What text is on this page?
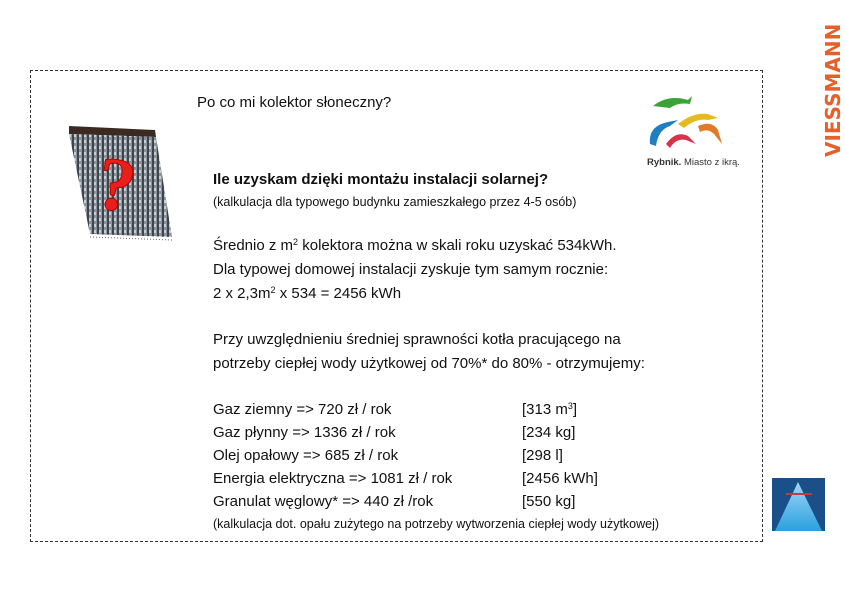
?
Po co mi kolektor słoneczny?
Ile uzyskam dzięki montażu instalacji solarnej?
(kalkulacja dla typowego budynku zamieszkałego przez 4-5 osób)
Średnio z $m^2$ kolektora można w skali roku uzyskać 534kWh.
Dla typowej domowej instalacji zyskuje tym samym rocznie:
2 x $2,3m^2$ x 534 = 2456 kWh
Przy uwzględnieniu średniej sprawności kotła pracującego na
potrzeby ciepłej wody użytkowej od 70%* do 80% - otrzymujemy:
Gaz ziemny => 720 zł / rok	[313 $m^3$]
Gaz płynny => 1336 zł / rok	[234 kg]
Olej opałowy => 685 zł / rok	[298 l]
Energia elektryczna => 1081 zł / rok	[2456 kWh]
Granulat węglowy* => 440 zł /rok	[550 kg]
(kalkulacja dot. opału zużytego na potrzeby wytworzenia ciepłej wody użytkowej)
Rybnik. Miasto z ikrą.
VIESSMANN
